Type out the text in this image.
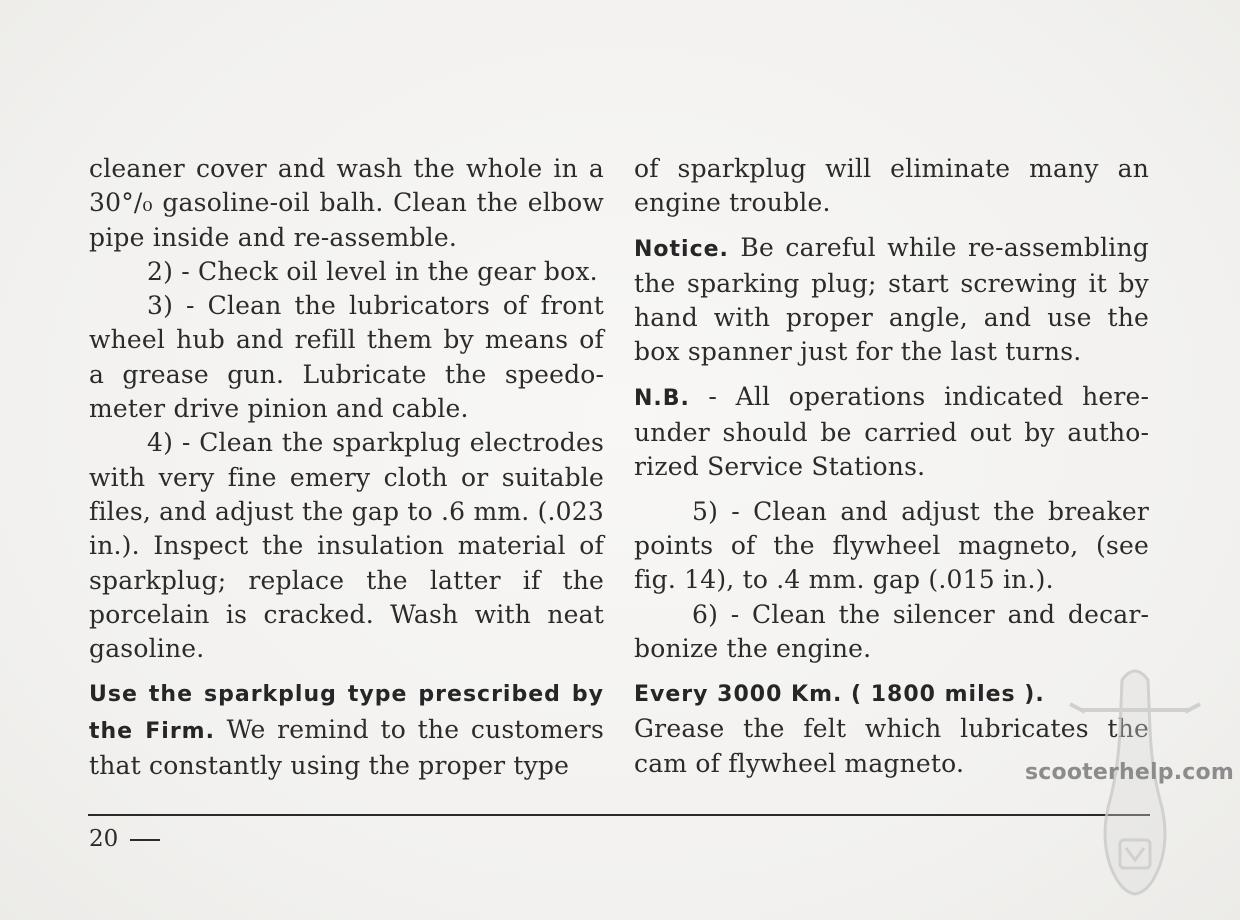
cleaner cover and wash the whole in a 30°/₀ gasoline-oil balh. Clean the elbow pipe inside and re-assemble.

2) - Check oil level in the gear box.

3) - Clean the lubricators of front wheel hub and refill them by means of a grease gun. Lubricate the speedometer drive pinion and cable.

4) - Clean the sparkplug electrodes with very fine emery cloth or suitable files, and adjust the gap to .6 mm. (.023 in.). Inspect the insulation material of sparkplug; replace the latter if the porcelain is cracked. Wash with neat gasoline.

Use the sparkplug type prescribed by the Firm. We remind to the customers that constantly using the proper type

of sparkplug will eliminate many an engine trouble.

Notice. Be careful while re-assembling the sparking plug; start screwing it by hand with proper angle, and use the box spanner just for the last turns.

N.B. - All operations indicated hereunder should be carried out by authorized Service Stations.

5) - Clean and adjust the breaker points of the flywheel magneto, (see fig. 14), to .4 mm. gap (.015 in.).

6) - Clean the silencer and decarbonize the engine.

Every 3000 Km. ( 1800 miles ).

Grease the felt which lubricates the cam of flywheel magneto.

20
scooterhelp.com
